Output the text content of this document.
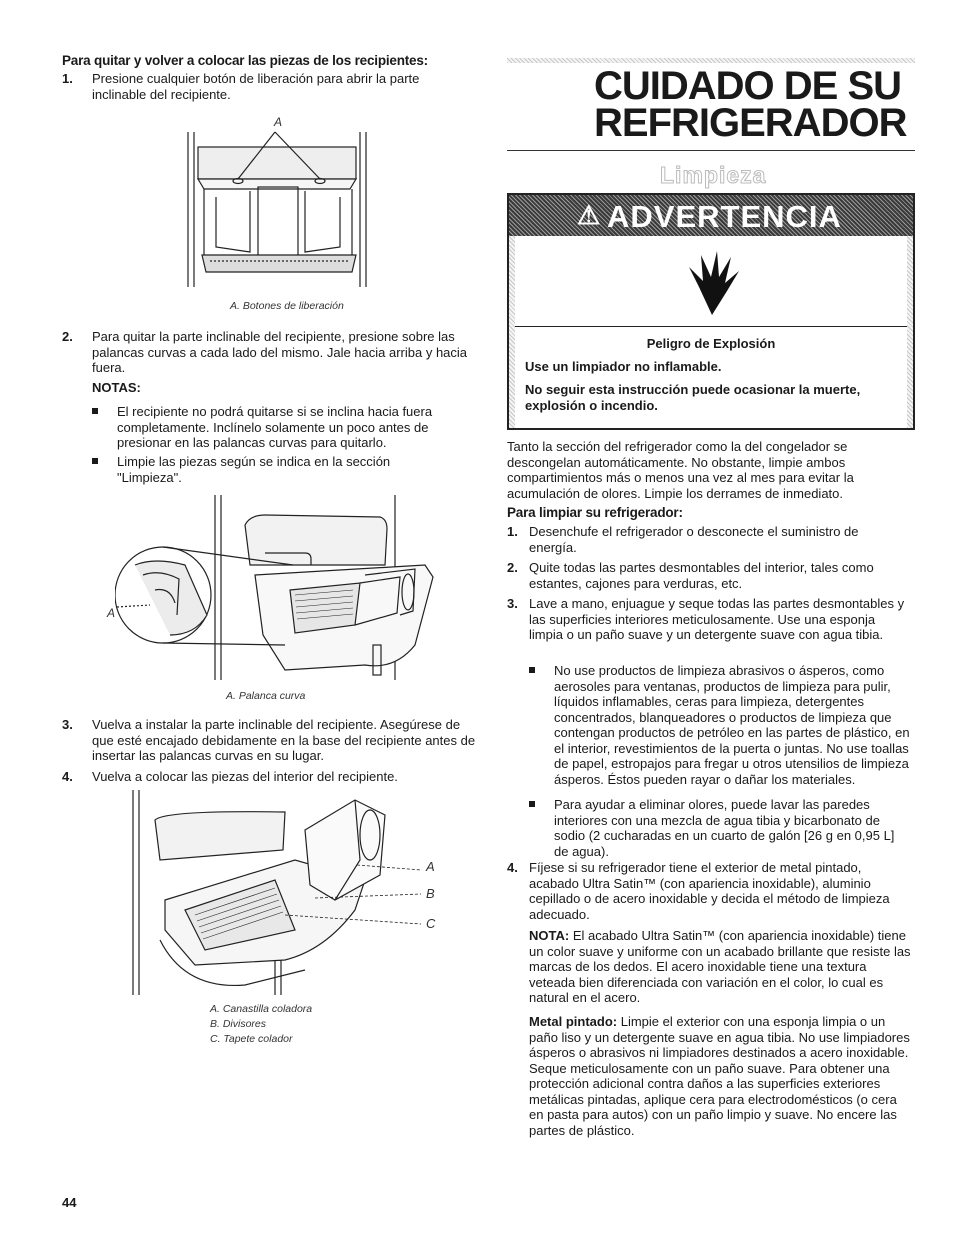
Para quitar y volver a colocar las piezas de los recipientes:
1. Presione cualquier botón de liberación para abrir la parte inclinable del recipiente.
A
A. Botones de liberación
2. Para quitar la parte inclinable del recipiente, presione sobre las palancas curvas a cada lado del mismo. Jale hacia arriba y hacia fuera.
NOTAS:
El recipiente no podrá quitarse si se inclina hacia fuera completamente. Inclínelo solamente un poco antes de presionar en las palancas curvas para quitarlo.
Limpie las piezas según se indica en la sección "Limpieza".
A
A. Palanca curva
3. Vuelva a instalar la parte inclinable del recipiente. Asegúrese de que esté encajado debidamente en la base del recipiente antes de insertar las palancas curvas en su lugar.
4. Vuelva a colocar las piezas del interior del recipiente.
A
B
C
A. Canastilla coladora
B. Divisores
C. Tapete colador
44
CUIDADO DE SU
REFRIGERADOR
Limpieza
⚠ ADVERTENCIA
Peligro de Explosión
Use un limpiador no inflamable.
No seguir esta instrucción puede ocasionar la muerte, explosión o incendio.
Tanto la sección del refrigerador como la del congelador se descongelan automáticamente. No obstante, limpie ambos compartimientos más o menos una vez al mes para evitar la acumulación de olores. Limpie los derrames de inmediato.
Para limpiar su refrigerador:
1. Desenchufe el refrigerador o desconecte el suministro de energía.
2. Quite todas las partes desmontables del interior, tales como estantes, cajones para verduras, etc.
3. Lave a mano, enjuague y seque todas las partes desmontables y las superficies interiores meticulosamente. Use una esponja limpia o un paño suave y un detergente suave con agua tibia.
No use productos de limpieza abrasivos o ásperos, como aerosoles para ventanas, productos de limpieza para pulir, líquidos inflamables, ceras para limpieza, detergentes concentrados, blanqueadores o productos de limpieza que contengan productos de petróleo en las partes de plástico, en el interior, revestimientos de la puerta o juntas. No use toallas de papel, estropajos para fregar u otros utensilios de limpieza ásperos. Éstos pueden rayar o dañar los materiales.
Para ayudar a eliminar olores, puede lavar las paredes interiores con una mezcla de agua tibia y bicarbonato de sodio (2 cucharadas en un cuarto de galón [26 g en 0,95 L] de agua).
4. Fíjese si su refrigerador tiene el exterior de metal pintado, acabado Ultra Satin™ (con apariencia inoxidable), aluminio cepillado o de acero inoxidable y decida el método de limpieza adecuado.
NOTA: El acabado Ultra Satin™ (con apariencia inoxidable) tiene un color suave y uniforme con un acabado brillante que resiste las marcas de los dedos. El acero inoxidable tiene una textura veteada bien diferenciada con variación en el color, lo cual es natural en el acero.
Metal pintado: Limpie el exterior con una esponja limpia o un paño liso y un detergente suave en agua tibia. No use limpiadores ásperos o abrasivos ni limpiadores destinados a acero inoxidable. Seque meticulosamente con un paño suave. Para obtener una protección adicional contra daños a las superficies exteriores metálicas pintadas, aplique cera para electrodomésticos (o cera en pasta para autos) con un paño limpio y suave. No encere las partes de plástico.
